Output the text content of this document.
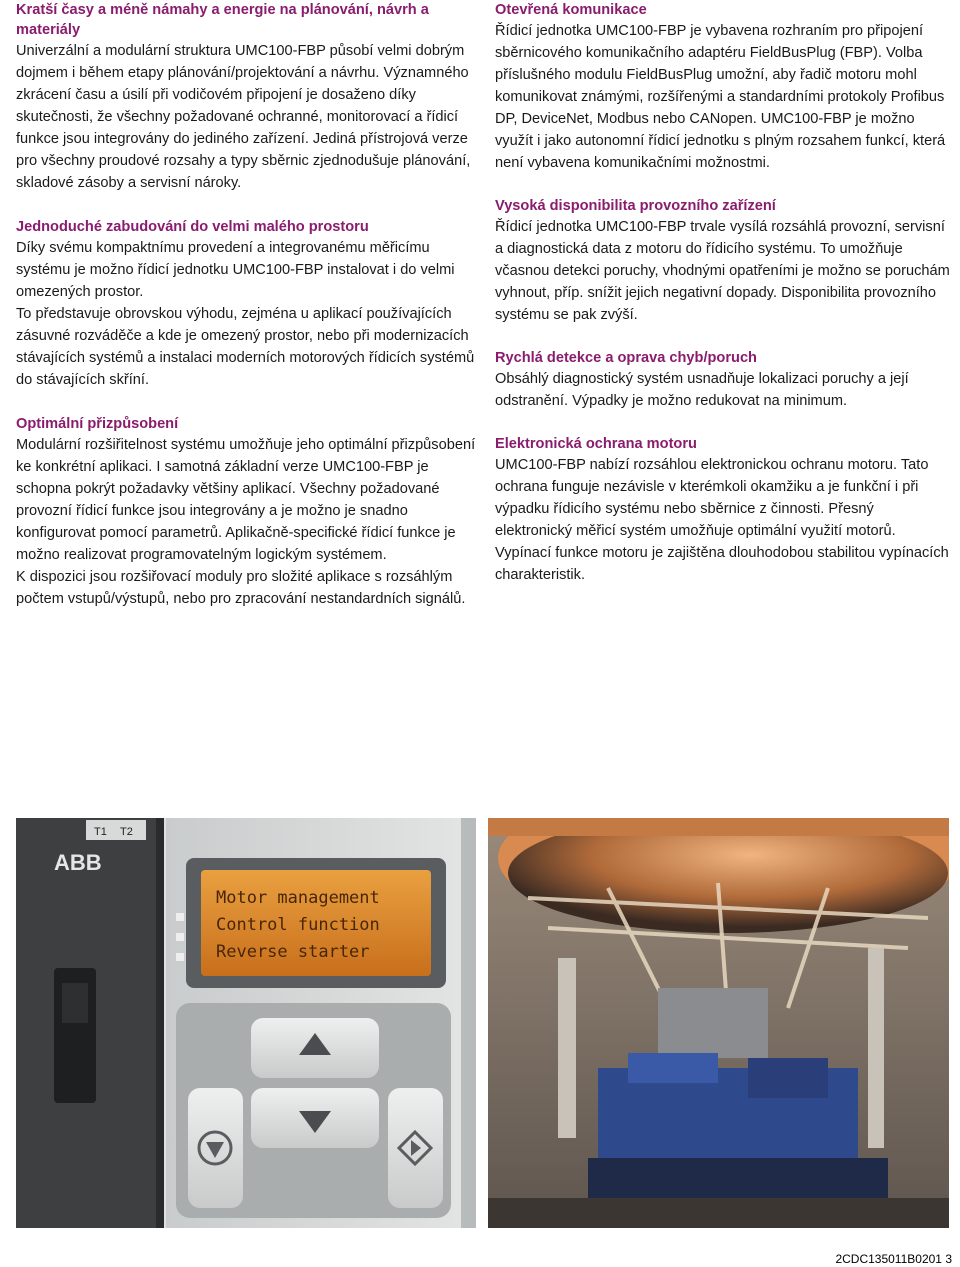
Kratší časy a méně námahy a energie na plánování, návrh a materiály

Univerzální a modulární struktura UMC100-FBP působí velmi dobrým dojmem i během etapy plánování/projektování a návrhu. Významného zkrácení času a úsilí při vodičovém připojení je dosaženo díky skutečnosti, že všechny požadované ochranné, monitorovací a řídicí funkce jsou integrovány do jediného zařízení. Jediná přístrojová verze pro všechny proudové rozsahy a typy sběrnic zjednodušuje plánování, skladové zásoby a servisní nároky.

Jednoduché zabudování do velmi malého prostoru

Díky svému kompaktnímu provedení a integrovanému měřicímu systému je možno řídicí jednotku UMC100-FBP instalovat i do velmi omezených prostor.

To představuje obrovskou výhodu, zejména u aplikací používajících zásuvné rozváděče a kde je omezený prostor, nebo při modernizacích stávajících systémů a instalaci moderních motorových řídicích systémů do stávajících skříní.

Optimální přizpůsobení

Modulární rozšiřitelnost systému umožňuje jeho optimální přizpůsobení ke konkrétní aplikaci. I samotná základní verze UMC100-FBP je schopna pokrýt požadavky většiny aplikací. Všechny požadované provozní řídicí funkce jsou integrovány a je možno je snadno konfigurovat pomocí parametrů. Aplikačně-specifické řídicí funkce je možno realizovat programovatelným logickým systémem.

K dispozici jsou rozšiřovací moduly pro složité aplikace s rozsáhlým počtem vstupů/výstupů, nebo pro zpracování nestandardních signálů.

Otevřená komunikace

Řídicí jednotka UMC100-FBP je vybavena rozhraním pro připojení sběrnicového komunikačního adaptéru FieldBusPlug (FBP). Volba příslušného modulu FieldBusPlug umožní, aby řadič motoru mohl komunikovat známými, rozšířenými a standardními protokoly Profibus DP, DeviceNet, Modbus nebo CANopen. UMC100-FBP je možno využít i jako autonomní řídicí jednotku s plným rozsahem funkcí, která není vybavena komunikačními možnostmi.

Vysoká disponibilita provozního zařízení

Řídicí jednotka UMC100-FBP trvale vysílá rozsáhlá provozní, servisní a diagnostická data z motoru do řídicího systému. To umožňuje včasnou detekci poruchy, vhodnými opatřeními je možno se poruchám vyhnout, příp. snížit jejich negativní dopady. Disponibilita provozního systému se pak zvýší.

Rychlá detekce a oprava chyb/poruch

Obsáhlý diagnostický systém usnadňuje lokalizaci poruchy a její odstranění. Výpadky je možno redukovat na minimum.

Elektronická ochrana motoru

UMC100-FBP nabízí rozsáhlou elektronickou ochranu motoru. Tato ochrana funguje nezávisle v kterémkoli okamžiku a je funkční i při výpadku řídicího systému nebo sběrnice z činnosti. Přesný elektronický měřicí systém umožňuje optimální využití motorů. Vypínací funkce motoru je zajištěna dlouhodobou stabilitou vypínacích charakteristik.

T1 T2
ABB
Motor management
Control function
Reverse starter
2CDC135011B0201 3
